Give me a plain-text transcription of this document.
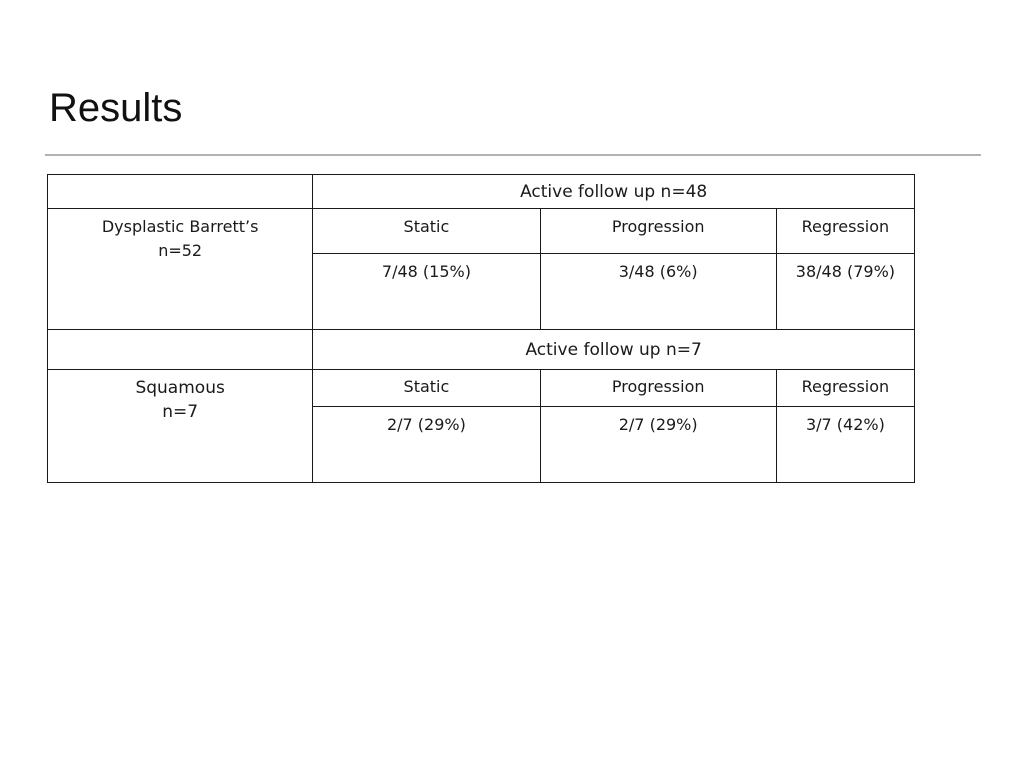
Results
	Active follow up n=48		

Dysplastic Barrett’s
n=52	Static	Progression	Regression

	7/48 (15%)	3/48 (6%)	38/48 (79%)

	Active follow up n=7		

Squamous
n=7	Static	Progression	Regression

	2/7 (29%)	2/7 (29%)	3/7 (42%)
